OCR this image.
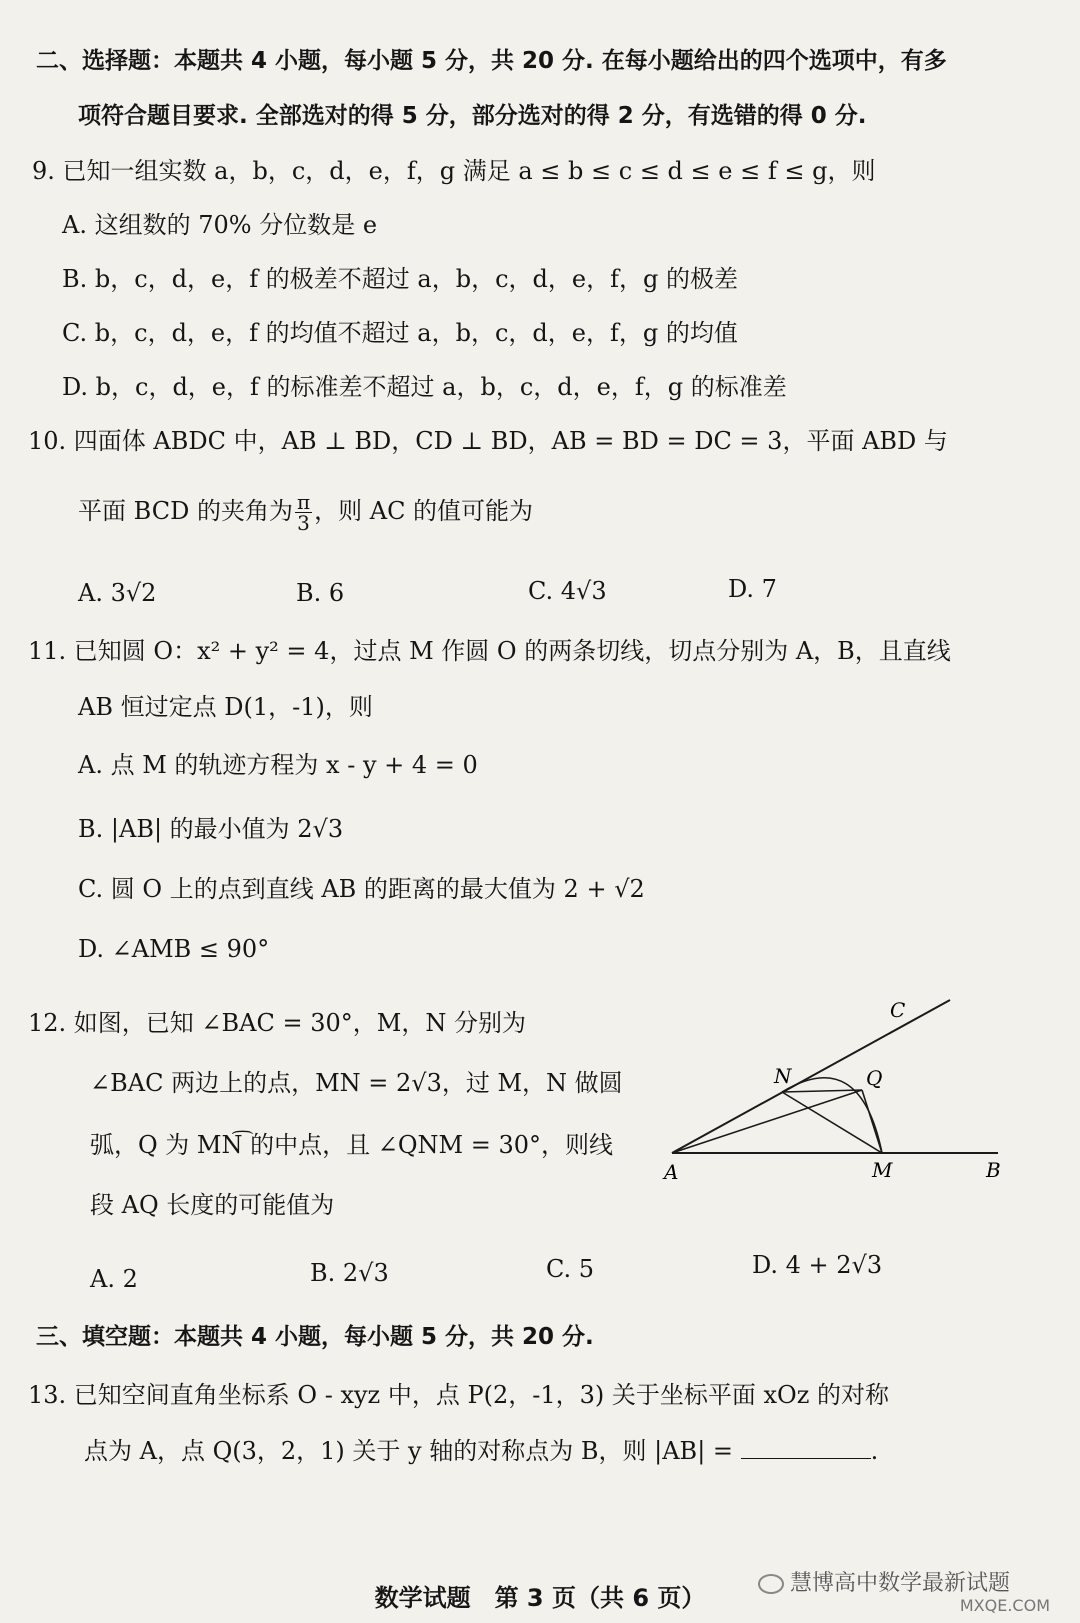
二、选择题：本题共 4 小题，每小题 5 分，共 20 分. 在每小题给出的四个选项中，有多
项符合题目要求. 全部选对的得 5 分，部分选对的得 2 分，有选错的得 0 分.
9. 已知一组实数 a，b，c，d，e，f，g 满足 a ≤ b ≤ c ≤ d ≤ e ≤ f ≤ g，则
A. 这组数的 70% 分位数是 e
B. b，c，d，e，f 的极差不超过 a，b，c，d，e，f，g 的极差
C. b，c，d，e，f 的均值不超过 a，b，c，d，e，f，g 的均值
D. b，c，d，e，f 的标准差不超过 a，b，c，d，e，f，g 的标准差
10. 四面体 ABDC 中，AB ⊥ BD，CD ⊥ BD，AB = BD = DC = 3，平面 ABD 与
平面 BCD 的夹角为 $\frac{\pi}{3}$ ，则 AC 的值可能为
A. 3√2	B. 6	C. 4√3	D. 7
11. 已知圆 O：x² + y² = 4，过点 M 作圆 O 的两条切线，切点分别为 A，B，且直线
AB 恒过定点 D(1，-1)，则
A. 点 M 的轨迹方程为 x - y + 4 = 0
B. |AB| 的最小值为 2√3
C. 圆 O 上的点到直线 AB 的距离的最大值为 2 + √2
D. ∠AMB ≤ 90°
12. 如图，已知 ∠BAC = 30°，M，N 分别为
∠BAC 两边上的点，MN = 2√3，过 M，N 做圆
弧，Q 为 MN͡ 的中点，且 ∠QNM = 30°，则线
段 AQ 长度的可能值为
A. 2	B. 2√3	C. 5	D. 4 + 2√3
A	B
C
M
N	Q
三、填空题：本题共 4 小题，每小题 5 分，共 20 分.
13. 已知空间直角坐标系 O - xyz 中，点 P(2，-1，3) 关于坐标平面 xOz 的对称
点为 A，点 Q(3，2，1) 关于 y 轴的对称点为 B，则 |AB| =	.
数学试题　第 3 页（共 6 页）
慧博高中数学最新试题
MXQE.COM
